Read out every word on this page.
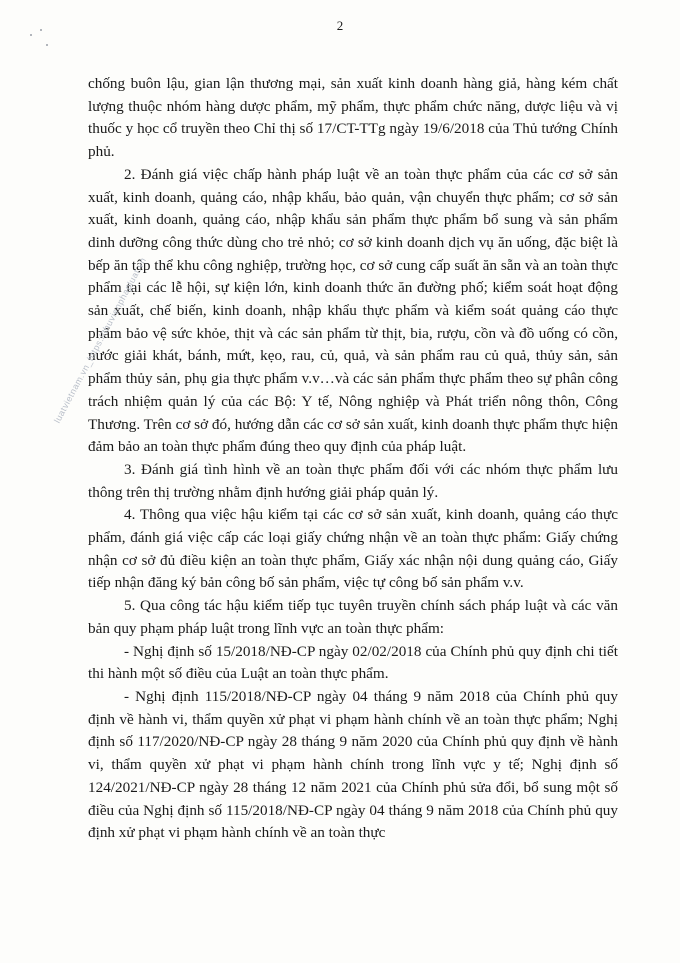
2

chống buôn lậu, gian lận thương mại, sản xuất kinh doanh hàng giả, hàng kém chất lượng thuộc nhóm hàng dược phẩm, mỹ phẩm, thực phẩm chức năng, dược liệu và vị thuốc y học cổ truyền theo Chỉ thị số 17/CT-TTg ngày 19/6/2018 của Thủ tướng Chính phủ.

2. Đánh giá việc chấp hành pháp luật về an toàn thực phẩm của các cơ sở sản xuất, kinh doanh, quảng cáo, nhập khẩu, bảo quản, vận chuyển thực phẩm; cơ sở sản xuất, kinh doanh, quảng cáo, nhập khẩu sản phẩm thực phẩm bổ sung và sản phẩm dinh dưỡng công thức dùng cho trẻ nhỏ; cơ sở kinh doanh dịch vụ ăn uống, đặc biệt là bếp ăn tập thể khu công nghiệp, trường học, cơ sở cung cấp suất ăn sẵn và an toàn thực phẩm tại các lễ hội, sự kiện lớn, kinh doanh thức ăn đường phố; kiểm soát hoạt động sản xuất, chế biến, kinh doanh, nhập khẩu thực phẩm và kiểm soát quảng cáo thực phẩm bảo vệ sức khỏe, thịt và các sản phẩm từ thịt, bia, rượu, cồn và đồ uống có cồn, nước giải khát, bánh, mứt, kẹo, rau, củ, quả, và sản phẩm rau củ quả, thủy sản, sản phẩm thủy sản, phụ gia thực phẩm v.v…và các sản phẩm thực phẩm theo sự phân công trách nhiệm quản lý của các Bộ: Y tế, Nông nghiệp và Phát triển nông thôn, Công Thương. Trên cơ sở đó, hướng dẫn các cơ sở sản xuất, kinh doanh thực phẩm thực hiện đảm bảo an toàn thực phẩm đúng theo quy định của pháp luật.

3. Đánh giá tình hình về an toàn thực phẩm đối với các nhóm thực phẩm lưu thông trên thị trường nhằm định hướng giải pháp quản lý.

4. Thông qua việc hậu kiểm tại các cơ sở sản xuất, kinh doanh, quảng cáo thực phẩm, đánh giá việc cấp các loại giấy chứng nhận về an toàn thực phẩm: Giấy chứng nhận cơ sở đủ điều kiện an toàn thực phẩm, Giấy xác nhận nội dung quảng cáo, Giấy tiếp nhận đăng ký bản công bố sản phẩm, việc tự công bố sản phẩm v.v.

5. Qua công tác hậu kiểm tiếp tục tuyên truyền chính sách pháp luật và các văn bản quy phạm pháp luật trong lĩnh vực an toàn thực phẩm:

- Nghị định số 15/2018/NĐ-CP ngày 02/02/2018 của Chính phủ quy định chi tiết thi hành một số điều của Luật an toàn thực phẩm.

- Nghị định 115/2018/NĐ-CP ngày 04 tháng 9 năm 2018 của Chính phủ quy định về hành vi, thẩm quyền xử phạt vi phạm hành chính về an toàn thực phẩm; Nghị định số 117/2020/NĐ-CP ngày 28 tháng 9 năm 2020 của Chính phủ quy định về hành vi, thẩm quyền xử phạt vi phạm hành chính trong lĩnh vực y tế; Nghị định số 124/2021/NĐ-CP ngày 28 tháng 12 năm 2021 của Chính phủ sửa đổi, bổ sung một số điều của Nghị định số 115/2018/NĐ-CP ngày 04 tháng 9 năm 2018 của Chính phủ quy định xử phạt vi phạm hành chính về an toàn thực

luatvietnam.vn_https://thuvienphapluat.vn
